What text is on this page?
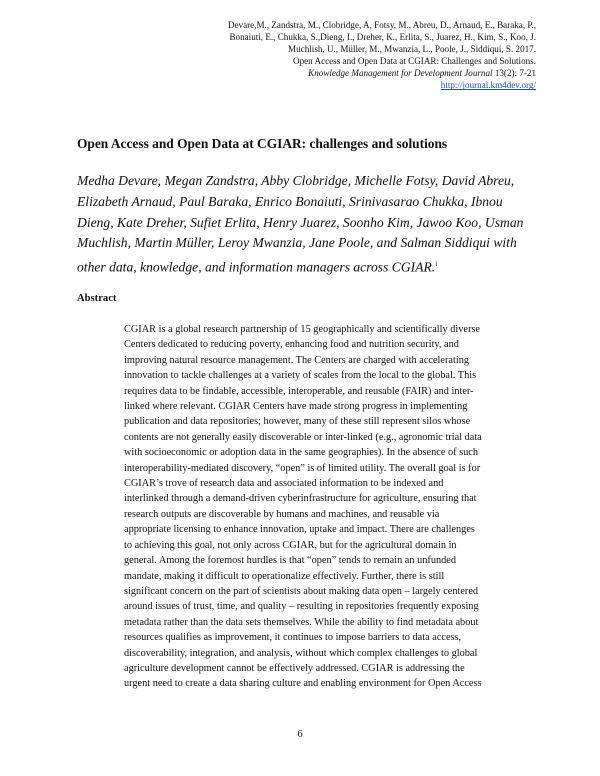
Devare,M., Zandstra, M., Clobridge, A, Fotsy, M., Abreu, D., Arnaud, E., Baraka, P.,
Bonaiuti, E., Chukka, S.,Dieng, I., Dreher, K., Erlita, S., Juarez, H., Kim, S., Koo, J.
Muchlish, U., Müller, M., Mwanzia, L., Poole, J., Siddiqui, S. 2017.
Open Access and Open Data at CGIAR: Challenges and Solutions.
Knowledge Management for Development Journal 13(2): 7-21
http://journal.km4dev.org/
Open Access and Open Data at CGIAR: challenges and solutions
Medha Devare, Megan Zandstra, Abby Clobridge, Michelle Fotsy, David Abreu,
Elizabeth Arnaud, Paul Baraka, Enrico Bonaiuti, Srinivasarao Chukka, Ibnou
Dieng, Kate Dreher, Sufiet Erlita, Henry Juarez, Soonho Kim, Jawoo Koo, Usman
Muchlish, Martin Müller, Leroy Mwanzia, Jane Poole, and Salman Siddiqui with
other data, knowledge, and information managers across CGIAR.$^i$
Abstract
CGIAR is a global research partnership of 15 geographically and scientifically diverse
Centers dedicated to reducing poverty, enhancing food and nutrition security, and
improving natural resource management. The Centers are charged with accelerating
innovation to tackle challenges at a variety of scales from the local to the global. This
requires data to be findable, accessible, interoperable, and reusable (FAIR) and inter-
linked where relevant. CGIAR Centers have made strong progress in implementing
publication and data repositories; however, many of these still represent silos whose
contents are not generally easily discoverable or inter-linked (e.g., agronomic trial data
with socioeconomic or adoption data in the same geographies). In the absence of such
interoperability-mediated discovery, “open” is of limited utility. The overall goal is for
CGIAR’s trove of research data and associated information to be indexed and
interlinked through a demand-driven cyberinfrastructure for agriculture, ensuring that
research outputs are discoverable by humans and machines, and reusable via
appropriate licensing to enhance innovation, uptake and impact. There are challenges
to achieving this goal, not only across CGIAR, but for the agricultural domain in
general. Among the foremost hurdles is that “open” tends to remain an unfunded
mandate, making it difficult to operationalize effectively. Further, there is still
significant concern on the part of scientists about making data open – largely centered
around issues of trust, time, and quality – resulting in repositories frequently exposing
metadata rather than the data sets themselves. While the ability to find metadata about
resources qualifies as improvement, it continues to impose barriers to data access,
discoverability, integration, and analysis, without which complex challenges to global
agriculture development cannot be effectively addressed. CGIAR is addressing the
urgent need to create a data sharing culture and enabling environment for Open Access
6
